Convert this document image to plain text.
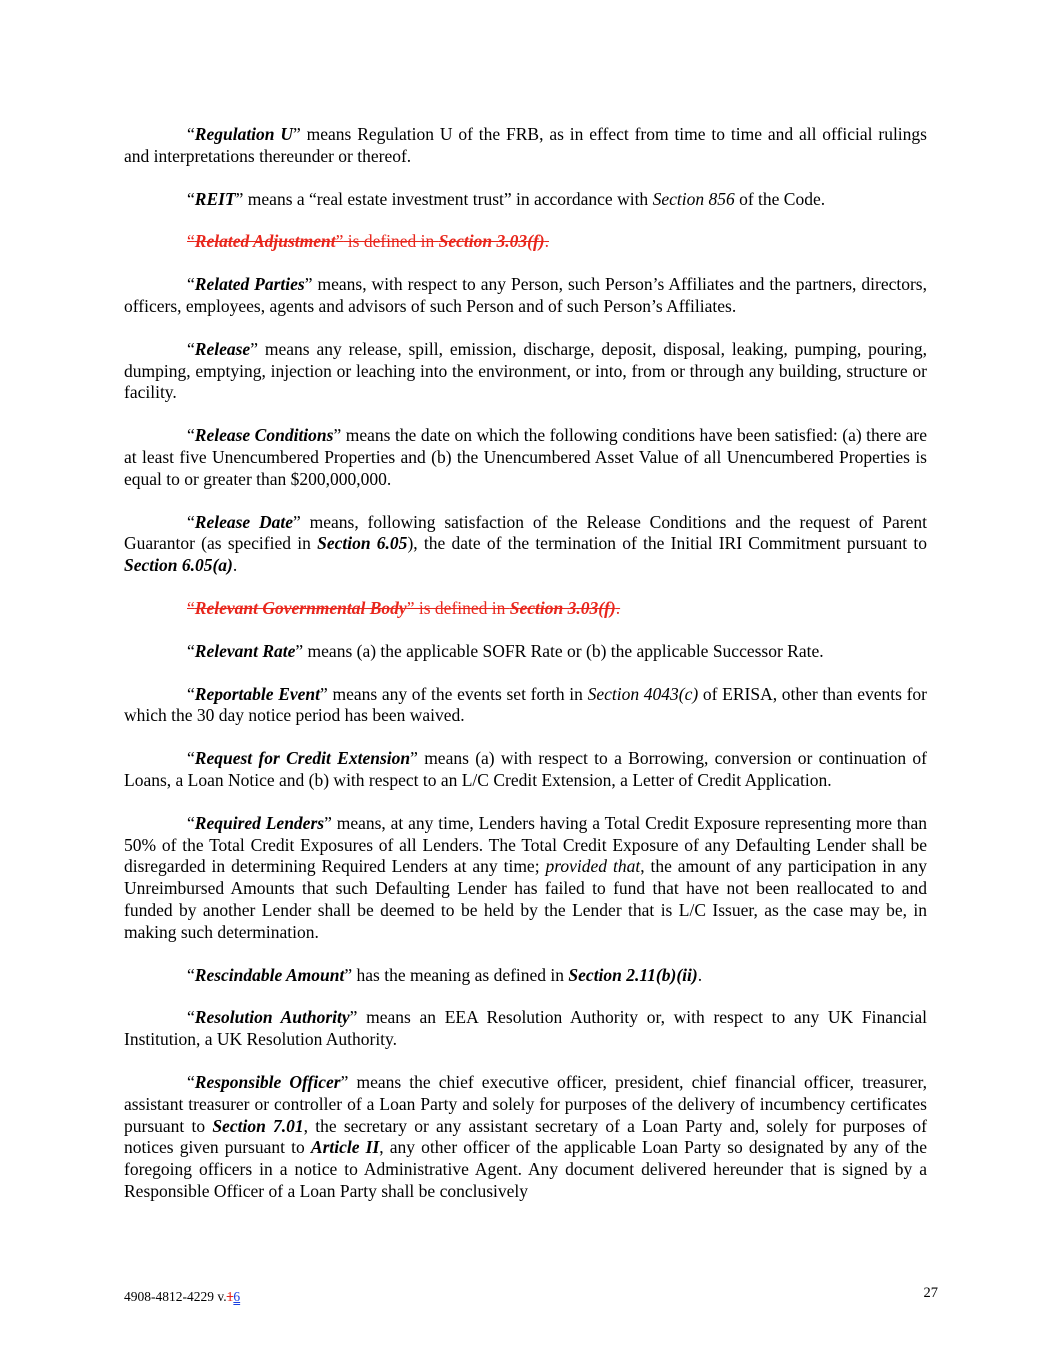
“Regulation U” means Regulation U of the FRB, as in effect from time to time and all official rulings and interpretations thereunder or thereof.

“REIT” means a “real estate investment trust” in accordance with Section 856 of the Code.

“Related Adjustment” is defined in Section 3.03(f).

“Related Parties” means, with respect to any Person, such Person’s Affiliates and the partners, directors, officers, employees, agents and advisors of such Person and of such Person’s Affiliates.

“Release” means any release, spill, emission, discharge, deposit, disposal, leaking, pumping, pouring, dumping, emptying, injection or leaching into the environment, or into, from or through any building, structure or facility.

“Release Conditions” means the date on which the following conditions have been satisfied: (a) there are at least five Unencumbered Properties and (b) the Unencumbered Asset Value of all Unencumbered Properties is equal to or greater than $200,000,000.

“Release Date” means, following satisfaction of the Release Conditions and the request of Parent Guarantor (as specified in Section 6.05), the date of the termination of the Initial IRI Commitment pursuant to Section 6.05(a).

“Relevant Governmental Body” is defined in Section 3.03(f).

“Relevant Rate” means (a) the applicable SOFR Rate or (b) the applicable Successor Rate.

“Reportable Event” means any of the events set forth in Section 4043(c) of ERISA, other than events for which the 30 day notice period has been waived.

“Request for Credit Extension” means (a) with respect to a Borrowing, conversion or continuation of Loans, a Loan Notice and (b) with respect to an L/C Credit Extension, a Letter of Credit Application.

“Required Lenders” means, at any time, Lenders having a Total Credit Exposure representing more than 50% of the Total Credit Exposures of all Lenders. The Total Credit Exposure of any Defaulting Lender shall be disregarded in determining Required Lenders at any time; provided that, the amount of any participation in any Unreimbursed Amounts that such Defaulting Lender has failed to fund that have not been reallocated to and funded by another Lender shall be deemed to be held by the Lender that is L/C Issuer, as the case may be, in making such determination.

“Rescindable Amount” has the meaning as defined in Section 2.11(b)(ii).

“Resolution Authority” means an EEA Resolution Authority or, with respect to any UK Financial Institution, a UK Resolution Authority.

“Responsible Officer” means the chief executive officer, president, chief financial officer, treasurer, assistant treasurer or controller of a Loan Party and solely for purposes of the delivery of incumbency certificates pursuant to Section 7.01, the secretary or any assistant secretary of a Loan Party and, solely for purposes of notices given pursuant to Article II, any other officer of the applicable Loan Party so designated by any of the foregoing officers in a notice to Administrative Agent. Any document delivered hereunder that is signed by a Responsible Officer of a Loan Party shall be conclusively

4908-4812-4229 v.16	27
